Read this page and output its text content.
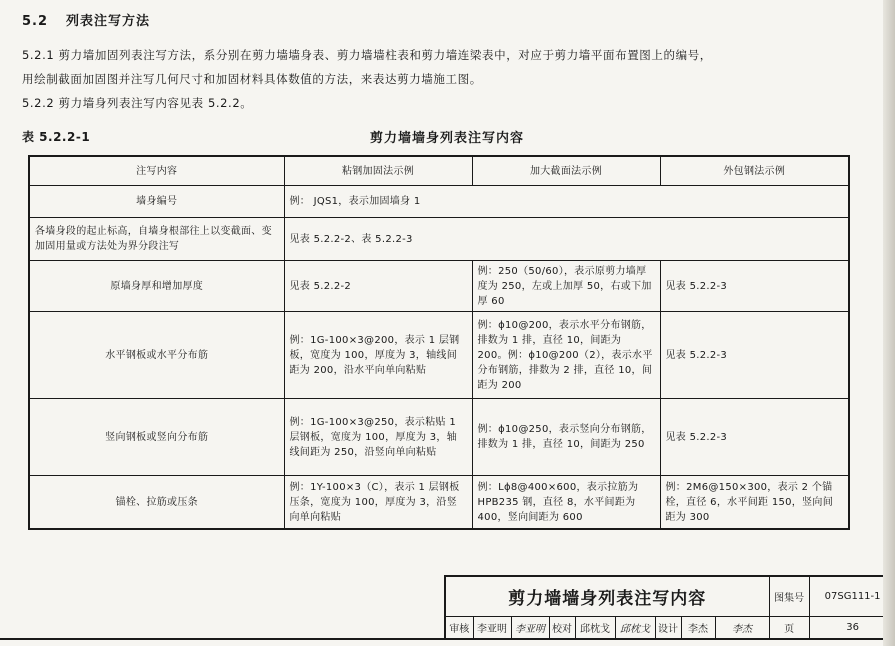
5.2 列表注写方法
5.2.1 剪力墙加固列表注写方法，系分别在剪力墙墙身表、剪力墙墙柱表和剪力墙连梁表中，对应于剪力墙平面布置图上的编号，
用绘制截面加固图并注写几何尺寸和加固材料具体数值的方法，来表达剪力墙施工图。
5.2.2 剪力墙身列表注写内容见表 5.2.2。
表 5.2.2-1	剪力墙墙身列表注写内容
注写内容	粘钢加固法示例	加大截面法示例	外包钢法示例
墙身编号	例： JQS1，表示加固墙身 1		
各墙身段的起止标高，自墙身根部往上以变截面、变加固用量或方法处为界分段注写	见表 5.2.2-2、表 5.2.2-3		
原墙身厚和增加厚度	见表 5.2.2-2	例：250（50/60），表示原剪力墙厚度为 250，左或上加厚 50，右或下加厚 60	见表 5.2.2-3
水平钢板或水平分布筋	例：1G-100×3@200，表示 1 层钢板，宽度为 100，厚度为 3，轴线间距为 200，沿水平向单向粘贴	例：ϕ10@200，表示水平分布钢筋，排数为 1 排，直径 10，间距为 200。例：ϕ10@200（2），表示水平分布钢筋，排数为 2 排，直径 10，间距为 200	见表 5.2.2-3
竖向钢板或竖向分布筋	例：1G-100×3@250，表示粘贴 1 层钢板，宽度为 100，厚度为 3，轴线间距为 250，沿竖向单向粘贴	例：ϕ10@250，表示竖向分布钢筋，排数为 1 排，直径 10，间距为 250	见表 5.2.2-3
锚栓、拉筋或压条	例：1Y-100×3（C），表示 1 层钢板压条，宽度为 100，厚度为 3，沿竖向单向粘贴	例：Lϕ8@400×600，表示拉筋为 HPB235 钢，直径 8，水平间距为 400，竖向间距为 600	例：2M6@150×300，表示 2 个锚栓，直径 6，水平间距 150，竖向间距为 300
剪力墙墙身列表注写内容									图集号	07SG111-1
审核	李亚明	李亚明	校对	邱枕戈	邱枕戈	设计	李杰	李杰	页	36
